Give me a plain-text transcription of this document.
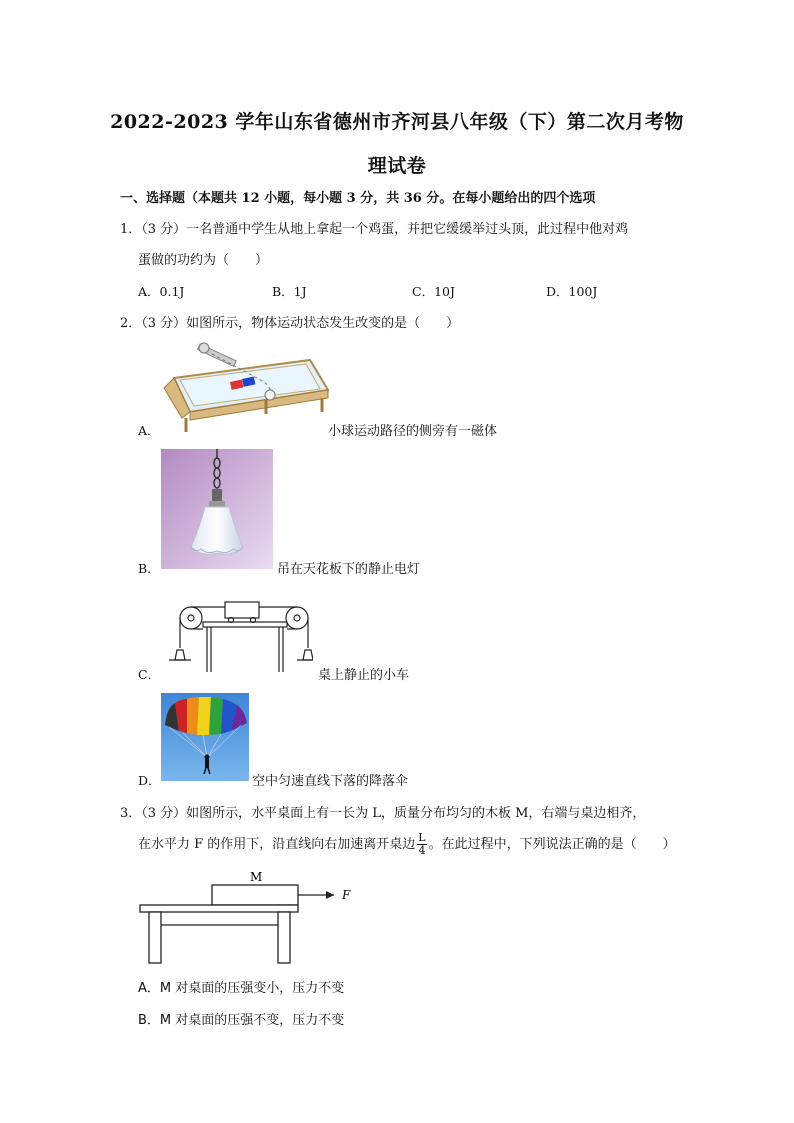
2022-2023 学年山东省德州市齐河县八年级（下）第二次月考物
理试卷
一、选择题（本题共 12 小题，每小题 3 分，共 36 分。在每小题给出的四个选项
1．（3 分）一名普通中学生从地上拿起一个鸡蛋，并把它缓缓举过头顶，此过程中他对鸡
蛋做的功约为（　　）
A．0.1J	B．1J	C．10J	D．100J
2．（3 分）如图所示，物体运动状态发生改变的是（　　）
A．	小球运动路径的侧旁有一磁体
B．	吊在天花板下的静止电灯
C．	桌上静止的小车
D．	空中匀速直线下落的降落伞
3．（3 分）如图所示，水平桌面上有一长为 L，质量分布均匀的木板 M，右端与桌边相齐，
在水平力 F 的作用下，沿直线向右加速离开桌边 $\frac{L}{4}$ 。在此过程中，下列说法正确的是（　　）
M
F
A．M 对桌面的压强变小，压力不变
B．M 对桌面的压强不变，压力不变
